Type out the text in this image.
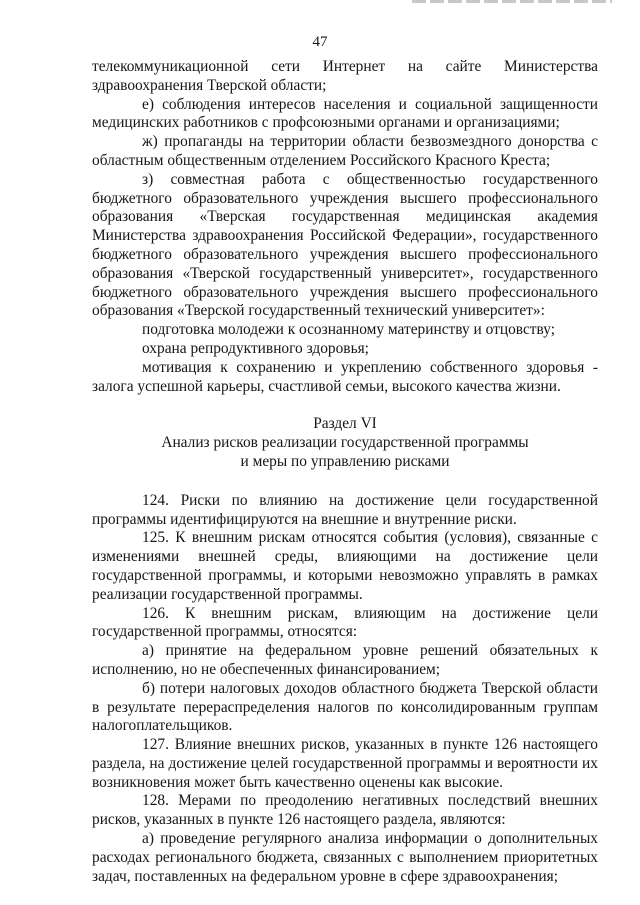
47

телекоммуникационной сети Интернет на сайте Министерства здравоохранения Тверской области;

е) соблюдения интересов населения и социальной защищенности медицинских работников с профсоюзными органами и организациями;

ж) пропаганды на территории области безвозмездного донорства с областным общественным отделением Российского Красного Креста;

з) совместная работа с общественностью государственного бюджетного образовательного учреждения высшего профессионального образования «Тверская государственная медицинская академия Министерства здравоохранения Российской Федерации», государственного бюджетного образовательного учреждения высшего профессионального образования «Тверской государственный университет», государственного бюджетного образовательного учреждения высшего профессионального образования «Тверской государственный технический университет»:

подготовка молодежи к осознанному материнству и отцовству;

охрана репродуктивного здоровья;

мотивация к сохранению и укреплению собственного здоровья - залога успешной карьеры, счастливой семьи, высокого качества жизни.

Раздел VI

Анализ рисков реализации государственной программы

и меры по управлению рисками

124. Риски по влиянию на достижение цели государственной программы идентифицируются на внешние и внутренние риски.

125. К внешним рискам относятся события (условия), связанные с изменениями внешней среды, влияющими на достижение цели государственной программы, и которыми невозможно управлять в рамках реализации государственной программы.

126. К внешним рискам, влияющим на достижение цели государственной программы, относятся:

а) принятие на федеральном уровне решений обязательных к исполнению, но не обеспеченных финансированием;

б) потери налоговых доходов областного бюджета Тверской области в результате перераспределения налогов по консолидированным группам налогоплательщиков.

127. Влияние внешних рисков, указанных в пункте 126 настоящего раздела, на достижение целей государственной программы и вероятности их возникновения может быть качественно оценены как высокие.

128. Мерами по преодолению негативных последствий внешних рисков, указанных в пункте 126 настоящего раздела, являются:

а) проведение регулярного анализа информации о дополнительных расходах регионального бюджета, связанных с выполнением приоритетных задач, поставленных на федеральном уровне в сфере здравоохранения;
